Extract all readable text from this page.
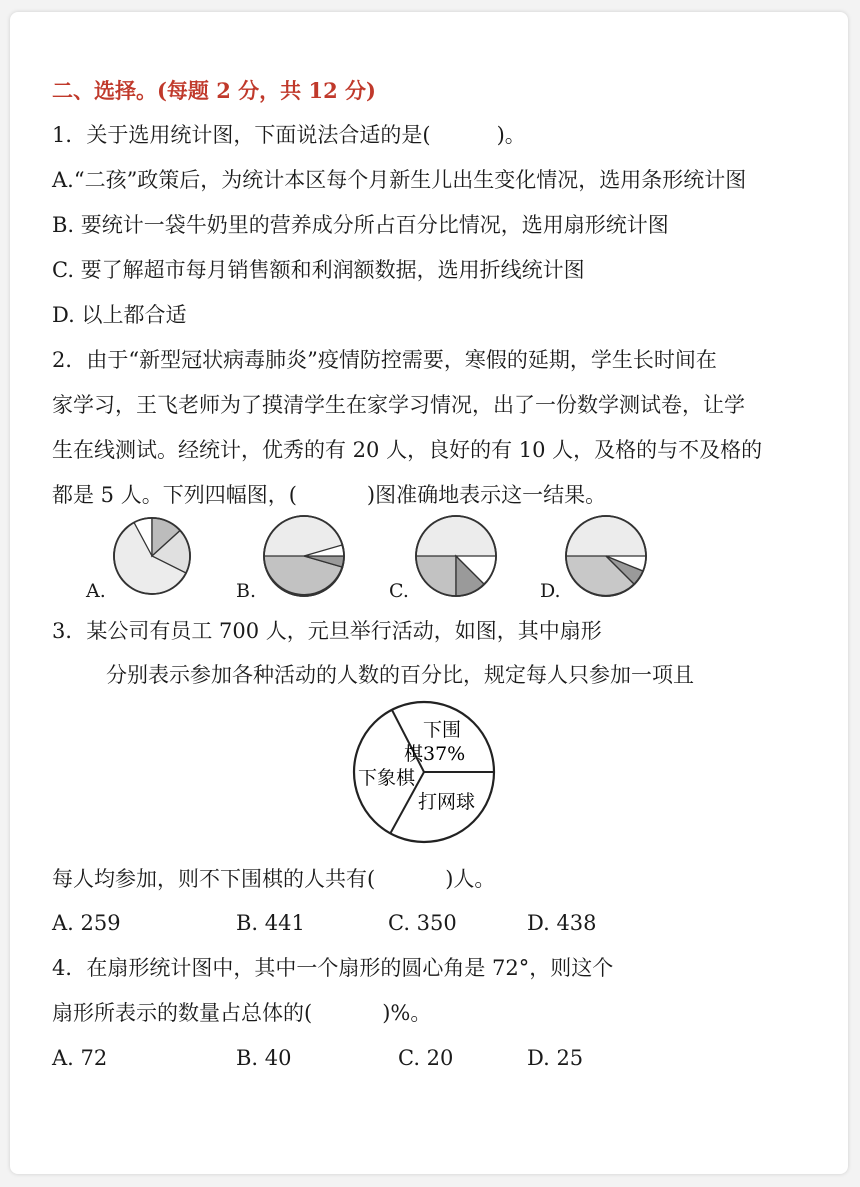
二、选择。(每题 2 分，共 12 分)
1．关于选用统计图，下面说法合适的是(	)。
A.“二孩”政策后，为统计本区每个月新生儿出生变化情况，选用条形统计图
B. 要统计一袋牛奶里的营养成分所占百分比情况，选用扇形统计图
C. 要了解超市每月销售额和利润额数据，选用折线统计图
D. 以上都合适
2．由于“新型冠状病毒肺炎”疫情防控需要，寒假的延期，学生长时间在
家学习，王飞老师为了摸清学生在家学习情况，出了一份数学测试卷，让学
生在线测试。经统计，优秀的有 20 人，良好的有 10 人，及格的与不及格的
都是 5 人。下列四幅图，(	)图准确地表示这一结果。
A.	B.	C.	D.
3．某公司有员工 700 人，元旦举行活动，如图，其中扇形
分别表示参加各种活动的人数的百分比，规定每人只参加一项且
下围
棋37%
下象棋
打网球
每人均参加，则不下围棋的人共有(	)人。
A. 259	B. 441	C. 350	D. 438
4．在扇形统计图中，其中一个扇形的圆心角是 72°，则这个
扇形所表示的数量占总体的(	)%。
A. 72	B. 40	C. 20	D. 25
